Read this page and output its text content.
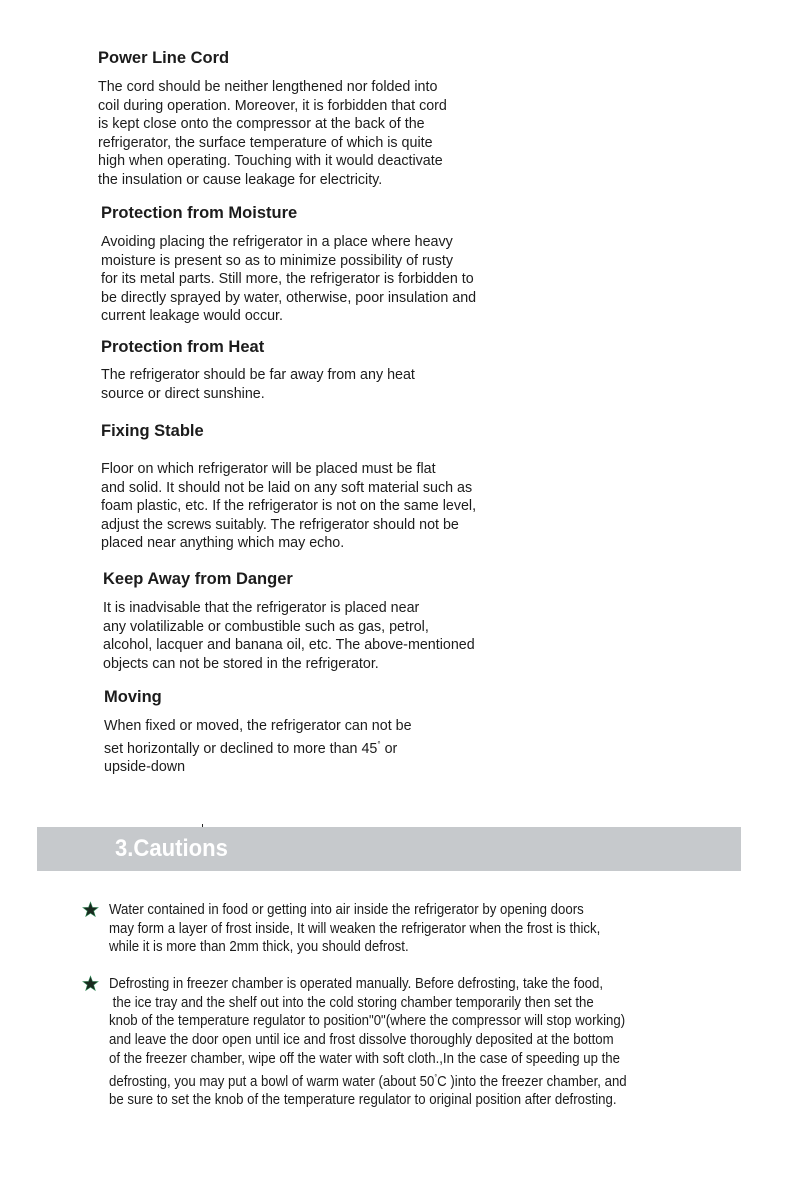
Power Line Cord

The cord should be neither lengthened nor folded into
coil during operation. Moreover, it is forbidden that cord
is kept close onto the compressor at the back of the
refrigerator, the surface temperature of which is quite
high when operating. Touching with it would deactivate
the insulation or cause leakage for electricity.

Protection from Moisture

Avoiding placing the refrigerator in a place where heavy
moisture is present so as to minimize possibility of rusty
for its metal parts. Still more, the refrigerator is forbidden to
be directly sprayed by water, otherwise, poor insulation and
current leakage would occur.

Protection from Heat

The refrigerator should be far away from any heat
source or direct sunshine.

Fixing Stable

Floor on which refrigerator will be placed must be flat
and solid. It should not be laid on any soft material such as
foam plastic, etc. If the refrigerator is not on the same level,
adjust the screws suitably. The refrigerator should not be
placed near anything which may echo.

Keep Away from Danger

It is inadvisable that the refrigerator is placed near
any volatilizable or combustible such as gas, petrol,
alcohol, lacquer and banana oil, etc. The above-mentioned
objects can not be stored in the refrigerator.

Moving

When fixed or moved, the refrigerator can not be
set horizontally or declined to more than 45° or
upside-down

3.Cautions
Water contained in food or getting into air inside the refrigerator by opening doors
may form a layer of frost inside, It will weaken the refrigerator when the frost is thick,
while it is more than 2mm thick, you should defrost.
Defrosting in freezer chamber is operated manually. Before defrosting, take the food,
the ice tray and the shelf out into the cold storing chamber temporarily then set the
knob of the temperature regulator to position"0"(where the compressor will stop working)
and leave the door open until ice and frost dissolve thoroughly deposited at the bottom
of the freezer chamber, wipe off the water with soft cloth.,In the case of speeding up the
defrosting, you may put a bowl of warm water (about 50°C )into the freezer chamber, and
be sure to set the knob of the temperature regulator to original position after defrosting.
